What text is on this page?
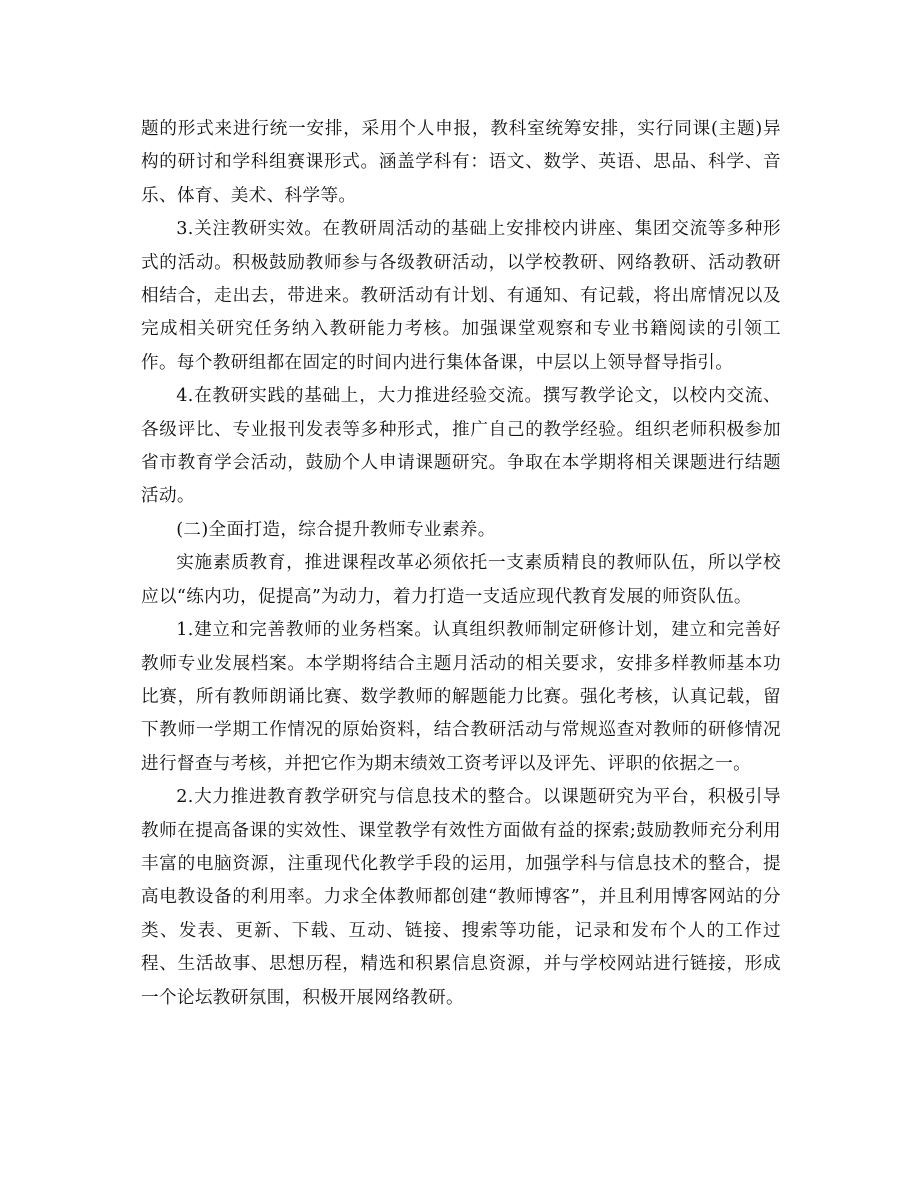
题的形式来进行统一安排，采用个人申报，教科室统筹安排，实行同课(主题)异构的研讨和学科组赛课形式。涵盖学科有：语文、数学、英语、思品、科学、音乐、体育、美术、科学等。

3.关注教研实效。在教研周活动的基础上安排校内讲座、集团交流等多种形式的活动。积极鼓励教师参与各级教研活动，以学校教研、网络教研、活动教研相结合，走出去，带进来。教研活动有计划、有通知、有记载，将出席情况以及完成相关研究任务纳入教研能力考核。加强课堂观察和专业书籍阅读的引领工作。每个教研组都在固定的时间内进行集体备课，中层以上领导督导指引。

4.在教研实践的基础上，大力推进经验交流。撰写教学论文，以校内交流、各级评比、专业报刊发表等多种形式，推广自己的教学经验。组织老师积极参加省市教育学会活动，鼓励个人申请课题研究。争取在本学期将相关课题进行结题活动。

(二)全面打造，综合提升教师专业素养。

实施素质教育，推进课程改革必须依托一支素质精良的教师队伍，所以学校应以“练内功，促提高”为动力，着力打造一支适应现代教育发展的师资队伍。

1.建立和完善教师的业务档案。认真组织教师制定研修计划，建立和完善好教师专业发展档案。本学期将结合主题月活动的相关要求，安排多样教师基本功比赛，所有教师朗诵比赛、数学教师的解题能力比赛。强化考核，认真记载，留下教师一学期工作情况的原始资料，结合教研活动与常规巡查对教师的研修情况进行督查与考核，并把它作为期末绩效工资考评以及评先、评职的依据之一。

2.大力推进教育教学研究与信息技术的整合。以课题研究为平台，积极引导教师在提高备课的实效性、课堂教学有效性方面做有益的探索;鼓励教师充分利用丰富的电脑资源，注重现代化教学手段的运用，加强学科与信息技术的整合，提高电教设备的利用率。力求全体教师都创建“教师博客”，并且利用博客网站的分类、发表、更新、下载、互动、链接、搜索等功能，记录和发布个人的工作过程、生活故事、思想历程，精选和积累信息资源，并与学校网站进行链接，形成一个论坛教研氛围，积极开展网络教研。
